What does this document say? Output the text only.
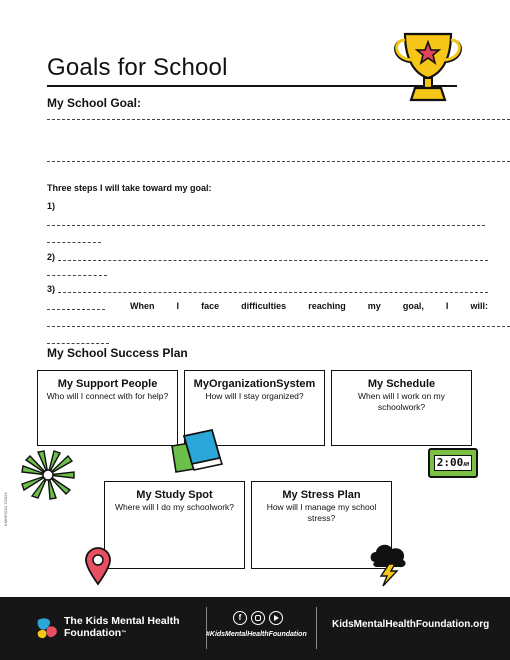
Goals for School
My School Goal:
Three steps I will take toward my goal:
1)
2)
3)
When I face difficulties reaching my goal, I will:
My School Success Plan
My Support People
Who will I connect with for help?
MyOrganizationSystem
How will I stay organized?
My Schedule
When will I work on my schoolwork?
My Study Spot
Where will I do my schoolwork?
My Stress Plan
How will I manage my school stress?
2:00AM
KMHF0231 7/2024
The Kids Mental Health
Foundation™
f
#KidsMentalHealthFoundation
KidsMentalHealthFoundation.org
